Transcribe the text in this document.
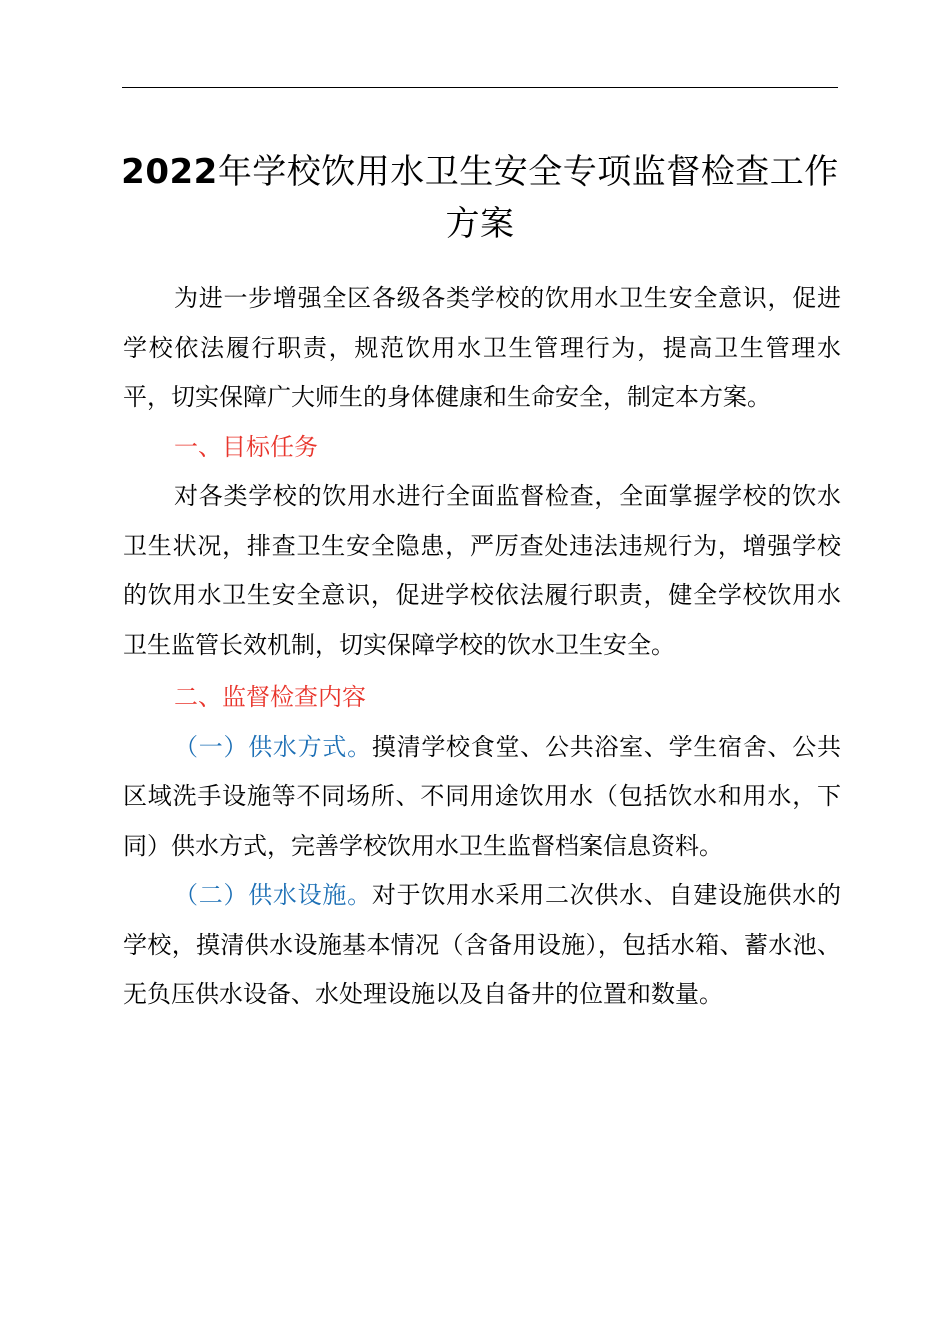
2022年学校饮用水卫生安全专项监督检查工作方案

为进一步增强全区各级各类学校的饮用水卫生安全意识，促进学校依法履行职责，规范饮用水卫生管理行为，提高卫生管理水平，切实保障广大师生的身体健康和生命安全，制定本方案。

一、目标任务

对各类学校的饮用水进行全面监督检查，全面掌握学校的饮水卫生状况，排查卫生安全隐患，严厉查处违法违规行为，增强学校的饮用水卫生安全意识，促进学校依法履行职责，健全学校饮用水卫生监管长效机制，切实保障学校的饮水卫生安全。

二、监督检查内容

（一）供水方式。摸清学校食堂、公共浴室、学生宿舍、公共区域洗手设施等不同场所、不同用途饮用水（包括饮水和用水，下同）供水方式，完善学校饮用水卫生监督档案信息资料。

（二）供水设施。对于饮用水采用二次供水、自建设施供水的学校，摸清供水设施基本情况（含备用设施），包括水箱、蓄水池、无负压供水设备、水处理设施以及自备井的位置和数量。
